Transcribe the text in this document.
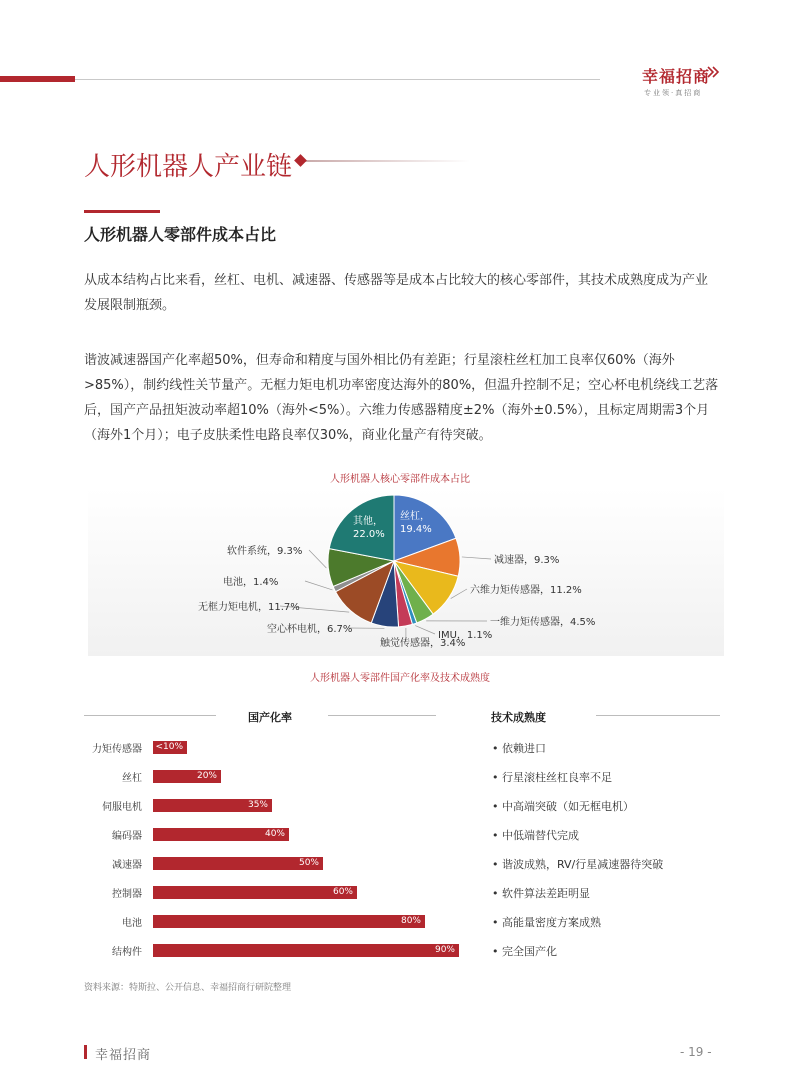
幸福招商
专业领·真招商
人形机器人产业链
人形机器人零部件成本占比
从成本结构占比来看，丝杠、电机、减速器、传感器等是成本占比较大的核心零部件，其技术成熟度成为产业发展限制瓶颈。
谐波减速器国产化率超50%，但寿命和精度与国外相比仍有差距；行星滚柱丝杠加工良率仅60%（海外>85%），制约线性关节量产。无框力矩电机功率密度达海外的80%，但温升控制不足；空心杯电机绕线工艺落后，国产产品扭矩波动率超10%（海外<5%）。六维力传感器精度±2%（海外±0.5%），且标定周期需3个月（海外1个月）；电子皮肤柔性电路良率仅30%，商业化量产有待突破。
人形机器人核心零部件成本占比
丝杠，
19.4%
减速器，9.3%
六维力矩传感器，11.2%
一维力矩传感器，4.5%
IMU，1.1%
触觉传感器，3.4%
空心杯电机，6.7%
无框力矩电机，11.7%
电池，1.4%
软件系统，9.3%
其他，
22.0%
人形机器人零部件国产化率及技术成熟度
国产化率	技术成熟度
力矩传感器 <10%	• 依赖进口
丝杠	20%	• 行星滚柱丝杠良率不足
伺服电机	35%	• 中高端突破（如无框电机）
编码器	40%	• 中低端替代完成
减速器	50%	• 谐波成熟，RV/行星减速器待突破
控制器	60%	• 软件算法差距明显
电池	80%	• 高能量密度方案成熟
结构件	90%	• 完全国产化
资料来源：特斯拉、公开信息、幸福招商行研院整理
幸福招商	- 19 -
